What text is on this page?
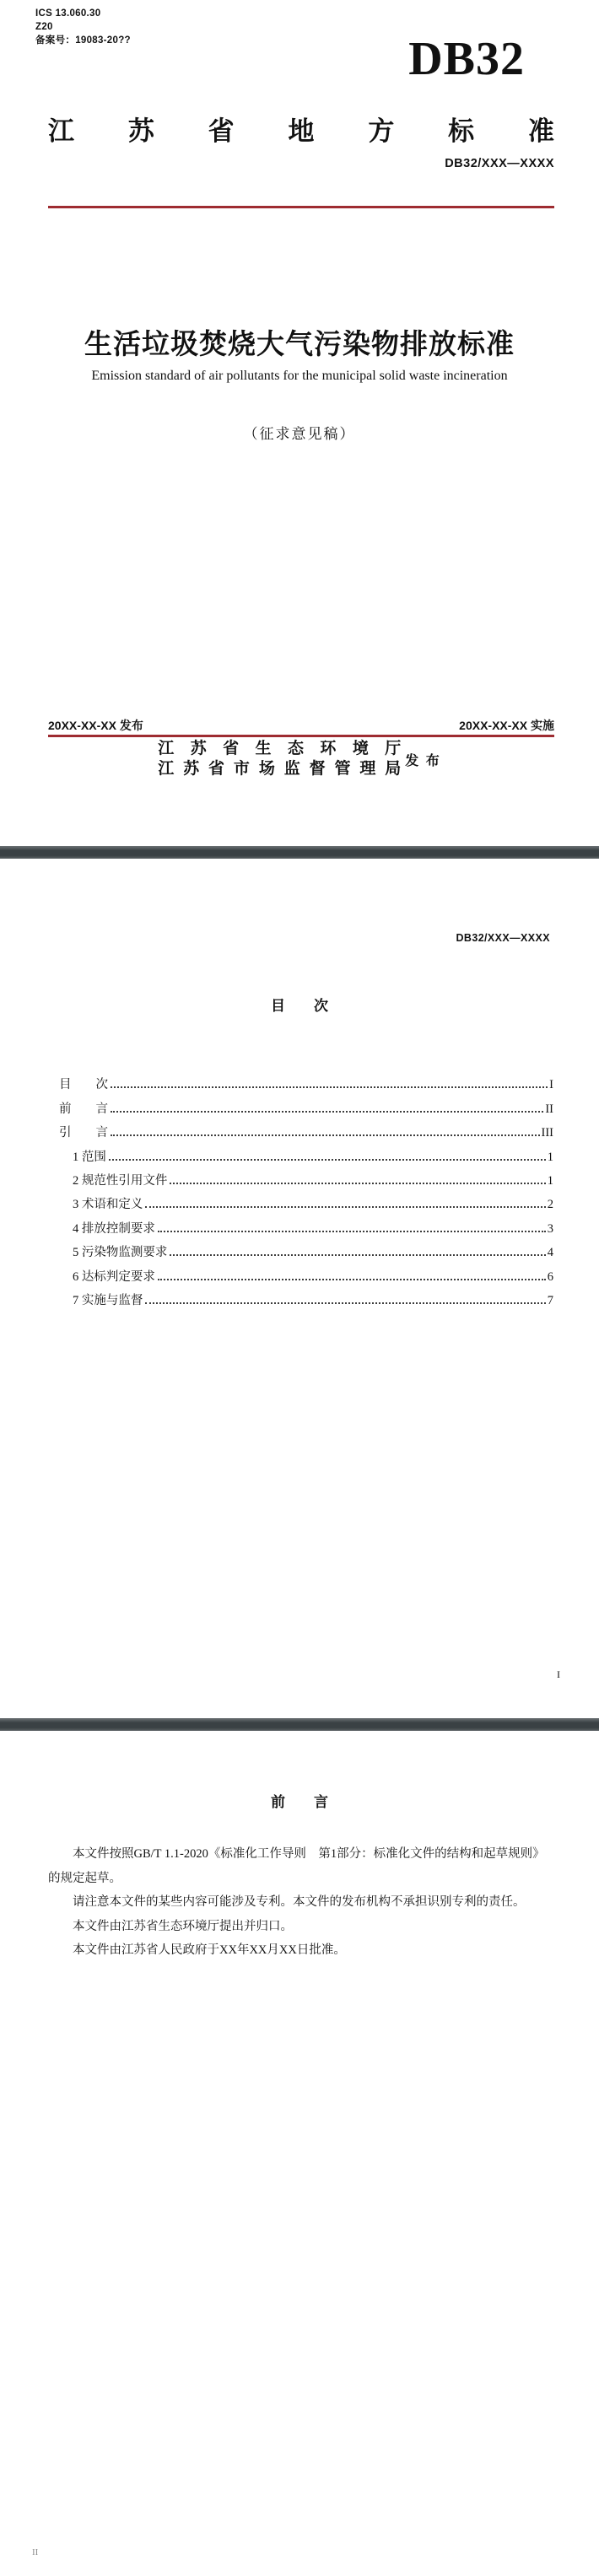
ICS 13.060.30
Z20
备案号：19083-20??	DB32
江苏省地方标准
DB32/XXX—XXXX
生活垃圾焚烧大气污染物排放标准
Emission standard of air pollutants for the municipal solid waste incineration
（征求意见稿）
20XX-XX-XX 发布	20XX-XX-XX 实施
江苏省生态环境厅
江苏省市场监督管理局 发 布
DB32/XXX—XXXX
目　　次
目　　次	I
前　　言	II
引　　言	III
1 范围	1
2 规范性引用文件	1
3 术语和定义	2
4 排放控制要求	3
5 污染物监测要求	4
6 达标判定要求	6
7 实施与监督	7
I
前　　言

本文件按照GB/T 1.1-2020《标准化工作导则　第1部分：标准化文件的结构和起草规则》的规定起草。

请注意本文件的某些内容可能涉及专利。本文件的发布机构不承担识别专利的责任。

本文件由江苏省生态环境厅提出并归口。

本文件由江苏省人民政府于XX年XX月XX日批准。

II
